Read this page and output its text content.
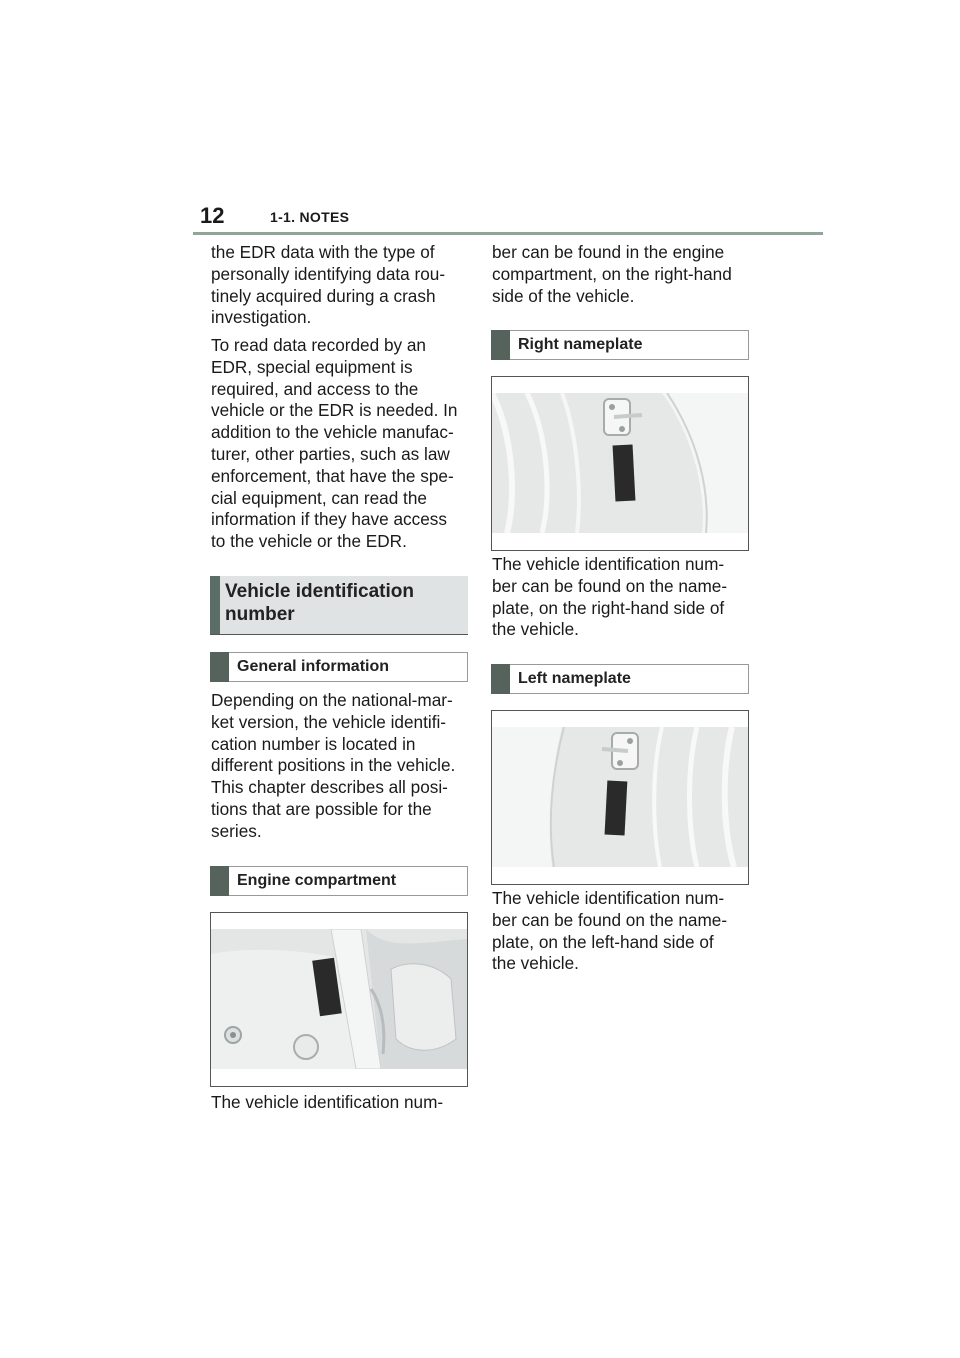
12	1-1. NOTES
the EDR data with the type of
personally identifying data rou-
tinely acquired during a crash
investigation.
To read data recorded by an
EDR, special equipment is
required, and access to the
vehicle or the EDR is needed. In
addition to the vehicle manufac-
turer, other parties, such as law
enforcement, that have the spe-
cial equipment, can read the
information if they have access
to the vehicle or the EDR.
Vehicle identification
number
General information
Depending on the national-mar-
ket version, the vehicle identifi-
cation number is located in
different positions in the vehicle.
This chapter describes all posi-
tions that are possible for the
series.
Engine compartment
The vehicle identification num-
ber can be found in the engine
compartment, on the right-hand
side of the vehicle.
Right nameplate
The vehicle identification num-
ber can be found on the name-
plate, on the right-hand side of
the vehicle.
Left nameplate
The vehicle identification num-
ber can be found on the name-
plate, on the left-hand side of
the vehicle.
